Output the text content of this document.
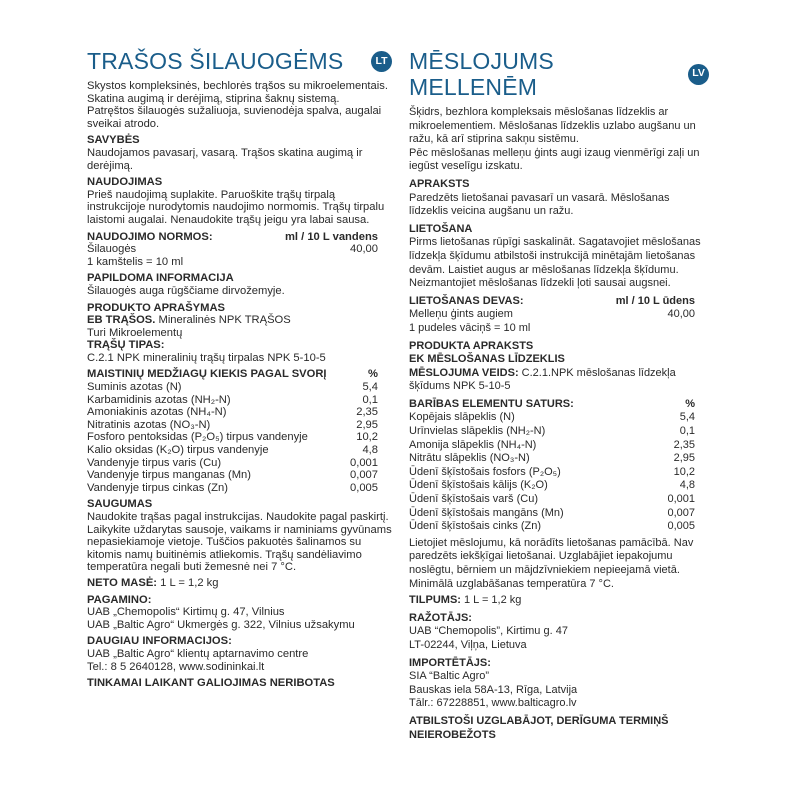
TRAŠOS ŠILAUOGĖMS	LT

Skystos kompleksinės, bechlorės trąšos su mikroelementais. Skatina augimą ir derėjimą, stiprina šaknų sistemą.

Patręštos šilauogės sužaliuoja, suvienodėja spalva, augalai sveikai atrodo.

SAVYBĖS

Naudojamos pavasarį, vasarą. Trąšos skatina augimą ir derėjimą.

NAUDOJIMAS

Prieš naudojimą suplakite. Paruoškite trąšų tirpalą instrukcijoje nurodytomis naudojimo normomis. Trąšų tirpalu laistomi augalai. Nenaudokite trąšų jeigu yra labai sausa.

NAUDOJIMO NORMOS:	ml / 10 L vandens
Šilauogės	40,00

1 kamštelis = 10 ml

PAPILDOMA INFORMACIJA

Šilauogės auga rūgščiame dirvožemyje.

PRODUKTO APRAŠYMAS

EB TRĄŠOS. Mineralinės NPK TRĄŠOS

Turi Mikroelementų

TRĄŠŲ TIPAS:

C.2.1 NPK mineralinių trąšų tirpalas NPK 5-10-5

MAISTINIŲ MEDŽIAGŲ KIEKIS PAGAL SVORĮ	%
Suminis azotas (N)	5,4
Karbamidinis azotas (NH₂-N)	0,1
Amoniakinis azotas (NH₄-N)	2,35
Nitratinis azotas (NO₃-N)	2,95
Fosforo pentoksidas (P₂O₅) tirpus vandenyje	10,2
Kalio oksidas (K₂O) tirpus vandenyje	4,8
Vandenyje tirpus varis (Cu)	0,001
Vandenyje tirpus manganas (Mn)	0,007
Vandenyje tirpus cinkas (Zn)	0,005
SAUGUMAS

Naudokite trąšas pagal instrukcijas. Naudokite pagal paskirtį. Laikykite uždarytas sausoje, vaikams ir naminiams gyvūnams nepasiekiamoje vietoje. Tuščios pakuotės šalinamos su kitomis namų buitinėmis atliekomis. Trąšų sandėliavimo temperatūra negali buti žemesnė nei 7 °C.

NETO MASĖ: 1 L = 1,2 kg

PAGAMINO:

UAB „Chemopolis“ Kirtimų g. 47, Vilnius

UAB „Baltic Agro“ Ukmergės g. 322, Vilnius užsakymu

DAUGIAU INFORMACIJOS:

UAB „Baltic Agro“ klientų aptarnavimo centre

Tel.: 8 5 2640128, www.sodininkai.lt

TINKAMAI LAIKANT GALIOJIMAS NERIBOTAS
MĒSLOJUMS MELLENĒM
LV

Šķidrs, bezhlora kompleksais mēslošanas līdzeklis ar mikroelementiem. Mēslošanas līdzeklis uzlabo augšanu un ražu, kā arī stiprina sakņu sistēmu.

Pēc mēslošanas melleņu ģints augi izaug vienmērīgi zaļi un iegūst veselīgu izskatu.

APRAKSTS

Paredzēts lietošanai pavasarī un vasarā. Mēslošanas līdzeklis veicina augšanu un ražu.

LIETOŠANA

Pirms lietošanas rūpīgi saskalināt. Sagatavojiet mēslošanas līdzekļa šķīdumu atbilstoši instrukcijā minētajām lietošanas devām. Laistiet augus ar mēslošanas līdzekļa šķīdumu. Neizmantojiet mēslošanas līdzekli ļoti sausai augsnei.

LIETOŠANAS DEVAS:	ml / 10 L ūdens
Melleņu ģints augiem	40,00

1 pudeles vāciņš = 10 ml

PRODUKTA APRAKSTS

EK MĒSLOŠANAS LĪDZEKLIS

MĒSLOJUMA VEIDS: C.2.1.NPK mēslošanas līdzekļa šķīdums NPK 5-10-5

BARĪBAS ELEMENTU SATURS:	%
Kopējais slāpeklis (N)	5,4
Urīnvielas slāpeklis (NH₂-N)	0,1
Amonija slāpeklis (NH₄-N)	2,35
Nitrātu slāpeklis (NO₃-N)	2,95
Ūdenī šķīstošais fosfors (P₂O₅)	10,2
Ūdenī šķīstošais kālijs (K₂O)	4,8
Ūdenī šķīstošais varš (Cu)	0,001
Ūdenī šķīstošais mangāns (Mn)	0,007
Ūdenī šķīstošais cinks (Zn)	0,005

Lietojiet mēslojumu, kā norādīts lietošanas pamācībā. Nav paredzēts iekšķīgai lietošanai. Uzglabājiet iepakojumu noslēgtu, bērniem un mājdzīvniekiem nepieejamā vietā. Minimālā uzglabāšanas temperatūra 7 °C.

TILPUMS: 1 L = 1,2 kg

RAŽOTĀJS:

UAB “Chemopolis”, Kirtimu g. 47

LT-02244, Viļņa, Lietuva

IMPORTĒTĀJS:

SIA “Baltic Agro”

Bauskas iela 58A-13, Rīga, Latvija

Tālr.: 67228851, www.balticagro.lv

ATBILSTOŠI UZGLABĀJOT, DERĪGUMA TERMIŅŠ NEIEROBEŽOTS
